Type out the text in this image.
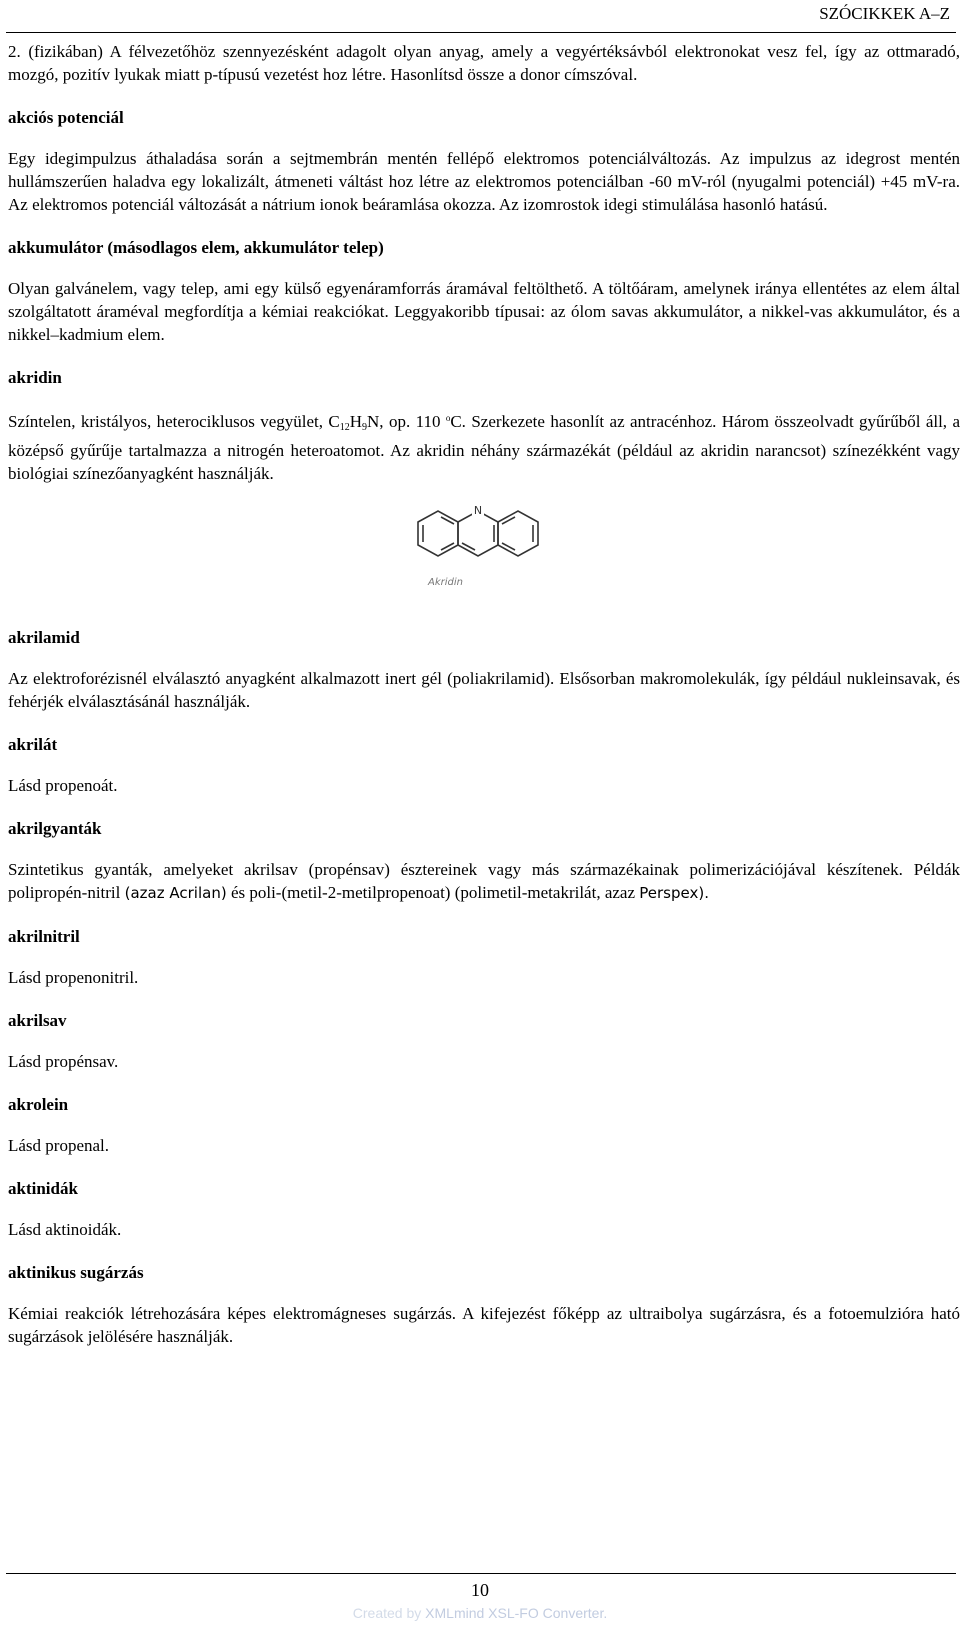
SZÓCIKKEK A–Z

2. (fizikában) A félvezetőhöz szennyezésként adagolt olyan anyag, amely a vegyértéksávból elektronokat vesz fel, így az ottmaradó, mozgó, pozitív lyukak miatt p-típusú vezetést hoz létre. Hasonlítsd össze a donor címszóval.

akciós potenciál

Egy idegimpulzus áthaladása során a sejtmembrán mentén fellépő elektromos potenciálváltozás. Az impulzus az idegrost mentén hullámszerűen haladva egy lokalizált, átmeneti váltást hoz létre az elektromos potenciálban -60 mV-ról (nyugalmi potenciál) +45 mV-ra. Az elektromos potenciál változását a nátrium ionok beáramlása okozza. Az izomrostok idegi stimulálása hasonló hatású.

akkumulátor (másodlagos elem, akkumulátor telep)

Olyan galvánelem, vagy telep, ami egy külső egyenáramforrás áramával feltölthető. A töltőáram, amelynek iránya ellentétes az elem által szolgáltatott áraméval megfordítja a kémiai reakciókat. Leggyakoribb típusai: az ólom savas akkumulátor, a nikkel-vas akkumulátor, és a nikkel–kadmium elem.

akridin

Színtelen, kristályos, heterociklusos vegyület, $C_{12}H_9N$, op. 110 $^o$C. Szerkezete hasonlít az antracénhoz. Három összeolvadt gyűrűből áll, a középső gyűrűje tartalmazza a nitrogén heteroatomot. Az akridin néhány származékát (például az akridin narancsot) színezékként vagy biológiai színezőanyagként használják.

N
Akridin

akrilamid

Az elektroforézisnél elválasztó anyagként alkalmazott inert gél (poliakrilamid). Elsősorban makromolekulák, így például nukleinsavak, és fehérjék elválasztásánál használják.

akrilát

Lásd propenoát.

akrilgyanták

Szintetikus gyanták, amelyeket akrilsav (propénsav) észtereinek vagy más származékainak polimerizációjával készítenek. Példák polipropén-nitril (azaz Acrilan) és poli-(metil-2-metilpropenoat) (polimetil-metakrilát, azaz Perspex).

akrilnitril

Lásd propenonitril.

akrilsav

Lásd propénsav.

akrolein

Lásd propenal.

aktinidák

Lásd aktinoidák.

aktinikus sugárzás

Kémiai reakciók létrehozására képes elektromágneses sugárzás. A kifejezést főképp az ultraibolya sugárzásra, és a fotoemulzióra ható sugárzások jelölésére használják.

10
Created by XMLmind XSL-FO Converter.
